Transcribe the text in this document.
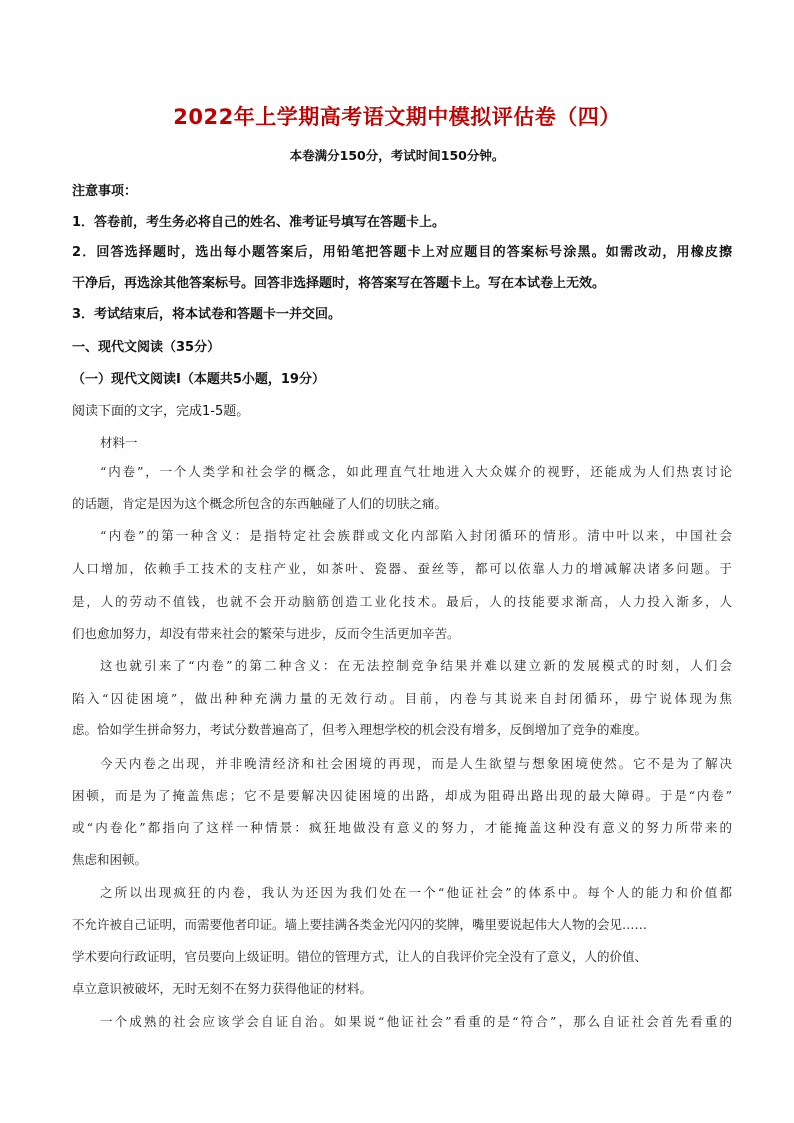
2022年上学期高考语文期中模拟评估卷（四）
本卷满分150分，考试时间150分钟。
注意事项：
1．答卷前，考生务必将自己的姓名、准考证号填写在答题卡上。
2．回答选择题时，选出每小题答案后，用铅笔把答题卡上对应题目的答案标号涂黑。如需改动，用橡皮擦
干净后，再选涂其他答案标号。回答非选择题时，将答案写在答题卡上。写在本试卷上无效。
3．考试结束后，将本试卷和答题卡一并交回。
一、现代文阅读（35分）
（一）现代文阅读Ⅰ（本题共5小题，19分）
阅读下面的文字，完成1-5题。
材料一
“内卷”，一个人类学和社会学的概念，如此理直气壮地进入大众媒介的视野，还能成为人们热衷讨论
的话题，肯定是因为这个概念所包含的东西触碰了人们的切肤之痛。
“内卷”的第一种含义：是指特定社会族群或文化内部陷入封闭循环的情形。清中叶以来，中国社会
人口增加，依赖手工技术的支柱产业，如茶叶、瓷器、蚕丝等，都可以依靠人力的增减解决诸多问题。于
是，人的劳动不值钱，也就不会开动脑筋创造工业化技术。最后，人的技能要求渐高，人力投入渐多，人
们也愈加努力，却没有带来社会的繁荣与进步，反而令生活更加辛苦。
这也就引来了“内卷”的第二种含义：在无法控制竞争结果并难以建立新的发展模式的时刻，人们会
陷入“囚徒困境”，做出种种充满力量的无效行动。目前，内卷与其说来自封闭循环，毋宁说体现为焦
虑。恰如学生拼命努力，考试分数普遍高了，但考入理想学校的机会没有增多，反倒增加了竞争的难度。
今天内卷之出现，并非晚清经济和社会困境的再现，而是人生欲望与想象困境使然。它不是为了解决
困顿，而是为了掩盖焦虑；它不是要解决囚徒困境的出路，却成为阻碍出路出现的最大障碍。于是“内卷”
或“内卷化”都指向了这样一种情景：疯狂地做没有意义的努力，才能掩盖这种没有意义的努力所带来的
焦虑和困顿。
之所以出现疯狂的内卷，我认为还因为我们处在一个“他证社会”的体系中。每个人的能力和价值都
不允许被自己证明，而需要他者印证。墙上要挂满各类金光闪闪的奖牌，嘴里要说起伟大人物的会见……
学术要向行政证明，官员要向上级证明。错位的管理方式，让人的自我评价完全没有了意义，人的价值、
卓立意识被破坏，无时无刻不在努力获得他证的材料。
一个成熟的社会应该学会自证自治。如果说“他证社会”看重的是“符合”，那么自证社会首先看重的
